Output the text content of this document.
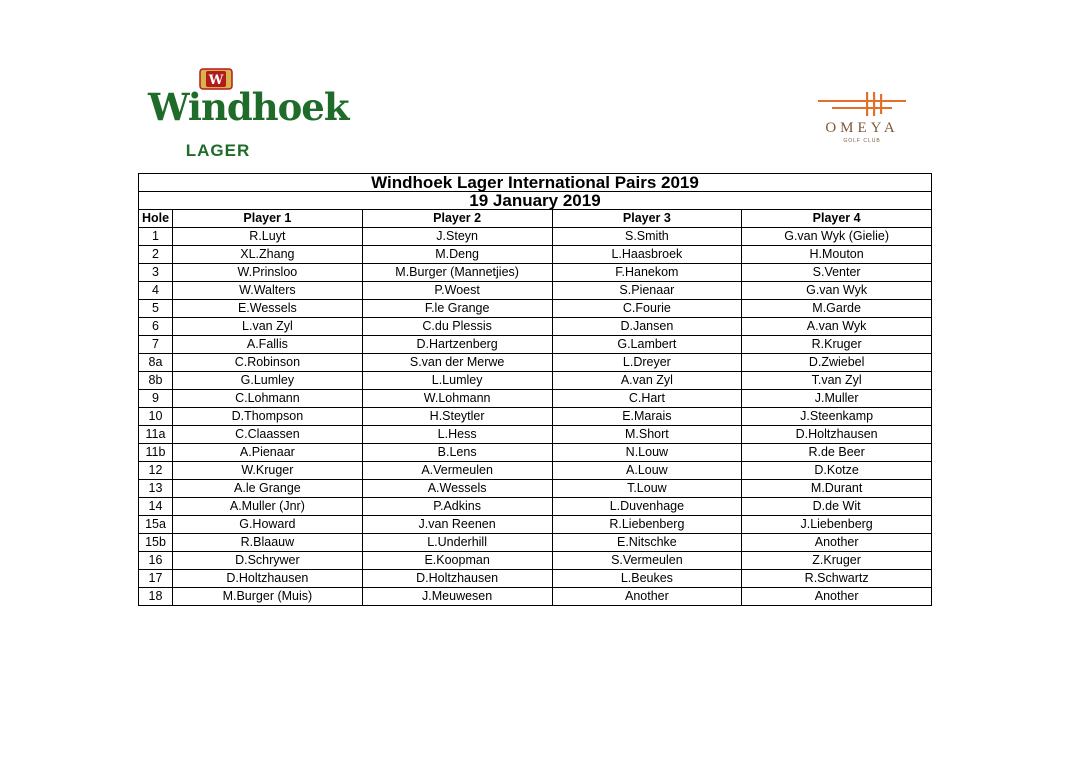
W
Windhoek
LAGER
OMEYA
GOLF CLUB
Windhoek Lager International Pairs 2019				
19 January 2019				
Hole	Player 1	Player 2	Player 3	Player 4
1	R.Luyt	J.Steyn	S.Smith	G.van Wyk (Gielie)
2	XL.Zhang	M.Deng	L.Haasbroek	H.Mouton
3	W.Prinsloo	M.Burger (Mannetjies)	F.Hanekom	S.Venter
4	W.Walters	P.Woest	S.Pienaar	G.van Wyk
5	E.Wessels	F.le Grange	C.Fourie	M.Garde
6	L.van Zyl	C.du Plessis	D.Jansen	A.van Wyk
7	A.Fallis	D.Hartzenberg	G.Lambert	R.Kruger
8a	C.Robinson	S.van der Merwe	L.Dreyer	D.Zwiebel
8b	G.Lumley	L.Lumley	A.van Zyl	T.van Zyl
9	C.Lohmann	W.Lohmann	C.Hart	J.Muller
10	D.Thompson	H.Steytler	E.Marais	J.Steenkamp
11a	C.Claassen	L.Hess	M.Short	D.Holtzhausen
11b	A.Pienaar	B.Lens	N.Louw	R.de Beer
12	W.Kruger	A.Vermeulen	A.Louw	D.Kotze
13	A.le Grange	A.Wessels	T.Louw	M.Durant
14	A.Muller (Jnr)	P.Adkins	L.Duvenhage	D.de Wit
15a	G.Howard	J.van Reenen	R.Liebenberg	J.Liebenberg
15b	R.Blaauw	L.Underhill	E.Nitschke	Another
16	D.Schrywer	E.Koopman	S.Vermeulen	Z.Kruger
17	D.Holtzhausen	D.Holtzhausen	L.Beukes	R.Schwartz
18	M.Burger (Muis)	J.Meuwesen	Another	Another
